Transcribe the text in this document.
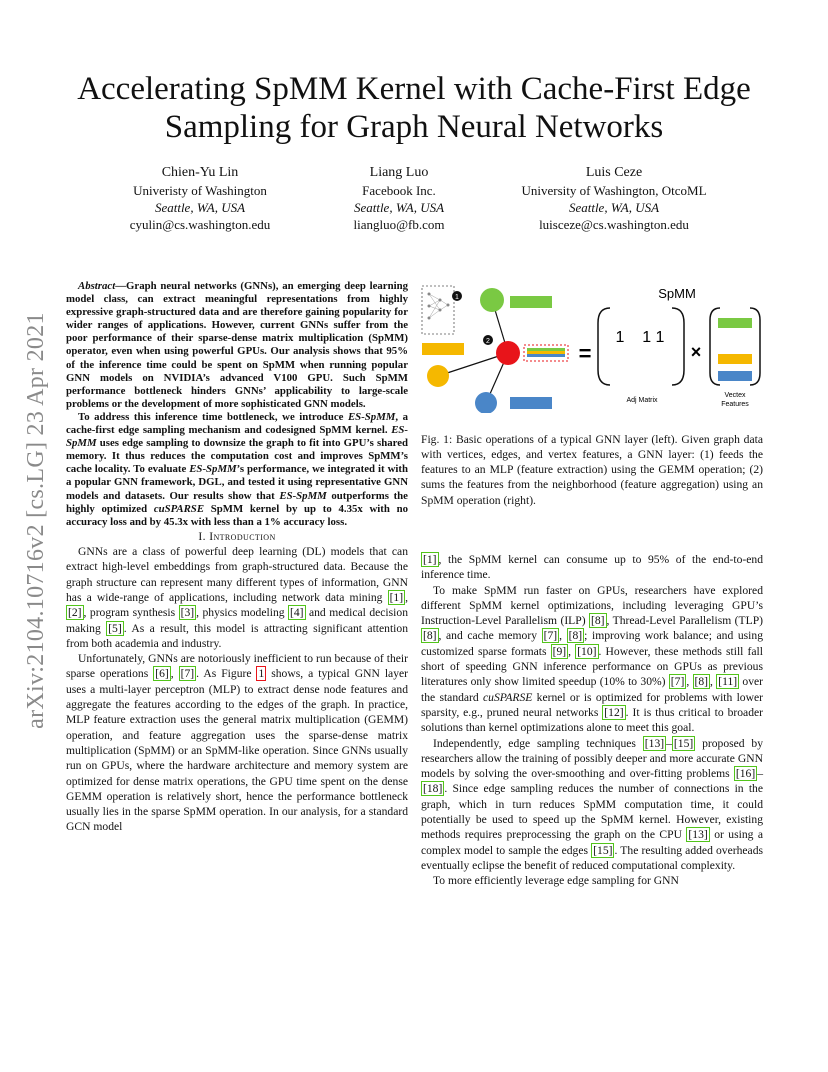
arXiv:2104.10716v2 [cs.LG] 23 Apr 2021
Accelerating SpMM Kernel with Cache-First Edge
Sampling for Graph Neural Networks
Chien-Yu Lin
Univeristy of Washington
Seattle, WA, USA
cyulin@cs.washington.edu
Liang Luo
Facebook Inc.
Seattle, WA, USA
liangluo@fb.com
Luis Ceze
University of Washington, OtcoML
Seattle, WA, USA
luisceze@cs.washington.edu

Abstract—Graph neural networks (GNNs), an emerging deep learning model class, can extract meaningful representations from highly expressive graph-structured data and are therefore gaining popularity for wider ranges of applications. However, current GNNs suffer from the poor performance of their sparse-dense matrix multiplication (SpMM) operator, even when using powerful GPUs. Our analysis shows that 95% of the inference time could be spent on SpMM when running popular GNN models on NVIDIA’s advanced V100 GPU. Such SpMM performance bottleneck hinders GNNs’ applicability to large-scale problems or the development of more sophisticated GNN models.

To address this inference time bottleneck, we introduce ES-SpMM, a cache-first edge sampling mechanism and codesigned SpMM kernel. ES-SpMM uses edge sampling to downsize the graph to fit into GPU’s shared memory. It thus reduces the computation cost and improves SpMM’s cache locality. To evaluate ES-SpMM’s performance, we integrated it with a popular GNN framework, DGL, and tested it using representative GNN models and datasets. Our results show that ES-SpMM outperforms the highly optimized cuSPARSE SpMM kernel by up to 4.35x with no accuracy loss and by 45.3x with less than a 1% accuracy loss.

I. Introduction

GNNs are a class of powerful deep learning (DL) models that can extract high-level embeddings from graph-structured data. Because the graph structure can represent many different types of information, GNN has a wide-range of applications, including network data mining [1] , [2] , program synthesis [3] , physics modeling [4] and medical decision making [5] . As a result, this model is attracting significant attention from both academia and industry.

Unfortunately, GNNs are notoriously inefficient to run because of their sparse operations [6] , [7] . As Figure 1 shows, a typical GNN layer uses a multi-layer perceptron (MLP) to extract dense node features and aggregate the features according to the edges of the graph. In practice, MLP feature extraction uses the general matrix multiplication (GEMM) operation, and feature aggregation uses the sparse-dense matrix multiplication (SpMM) or an SpMM-like operation. Since GNNs usually run on GPUs, where the hardware architecture and memory system are optimized for dense matrix operations, the GPU time spent on the dense GEMM operation is relatively short, hence the performance bottleneck usually lies in the sparse SpMM operation. In our analysis, for a standard GCN model

1
2	=
1    1 1
Adj Matrix
SpMM
×
Vectex
Features

Fig. 1: Basic operations of a typical GNN layer (left). Given graph data with vertices, edges, and vertex features, a GNN layer: (1) feeds the features to an MLP (feature extraction) using the GEMM operation; (2) sums the features from the neighborhood (feature aggregation) using an SpMM operation (right).

[1] , the SpMM kernel can consume up to 95% of the end-to-end inference time.

To make SpMM run faster on GPUs, researchers have explored different SpMM kernel optimizations, including leveraging GPU’s Instruction-Level Parallelism (ILP) [8] , Thread-Level Parallelism (TLP) [8] , and cache memory [7] , [8] ; improving work balance; and using customized sparse formats [9] , [10] . However, these methods still fall short of speeding GNN inference performance on GPUs as previous literatures only show limited speedup (10% to 30%) [7] , [8] , [11] over the standard cuSPARSE kernel or is optimized for problems with lower sparsity, e.g., pruned neural networks [12] . It is thus critical to broader solutions than kernel optimizations alone to meet this goal.

Independently, edge sampling techniques [13] – [15] proposed by researchers allow the training of possibly deeper and more accurate GNN models by solving the over-smoothing and over-fitting problems [16] –[18] . Since edge sampling reduces the number of connections in the graph, which in turn reduces SpMM computation time, it could potentially be used to speed up the SpMM kernel. However, existing methods requires preprocessing the graph on the CPU [13] or using a complex model to sample the edges [15] . The resulting added overheads eventually eclipse the benefit of reduced computational complexity.

To more efficiently leverage edge sampling for GNN
